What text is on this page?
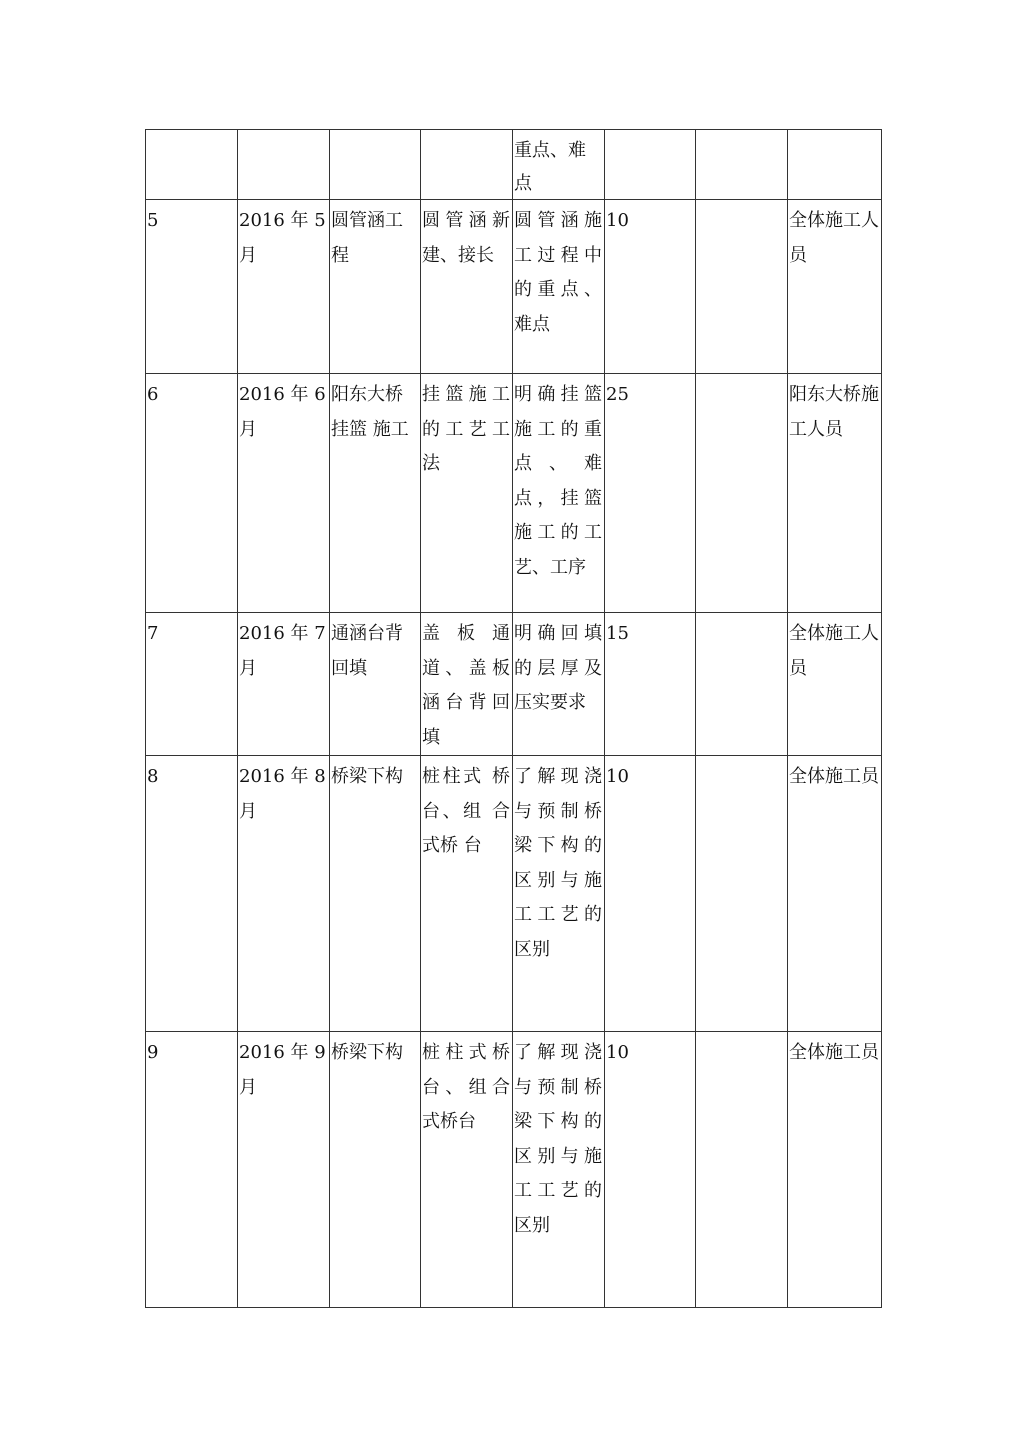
				重点、难点			

5	2016 年 5 月	圆管涵工程	圆管涵新建、接长	圆管涵施工过程中的重点、难点	10		全体施工人员
6	2016 年 6 月	阳东大桥挂篮 施工	挂篮施工的工艺工法	明确挂篮施工的重点、难点，挂篮施工的工艺、工序	25		阳东大桥施工人员
7	2016 年 7 月	通涵台背回填	盖板通道、盖板涵台背回填	明确回填的层厚及压实要求	15		全体施工人员
8	2016 年 8 月	桥梁下构	桩柱式 桥台、组 合 式桥 台	了解现浇与预制桥梁下构的区别与施工工艺的区别	10		全体施工员
9	2016 年 9 月	桥梁下构	桩柱式桥台、组合式桥台	了解现浇与预制桥梁下构的区别与施工工艺的区别	10		全体施工员
